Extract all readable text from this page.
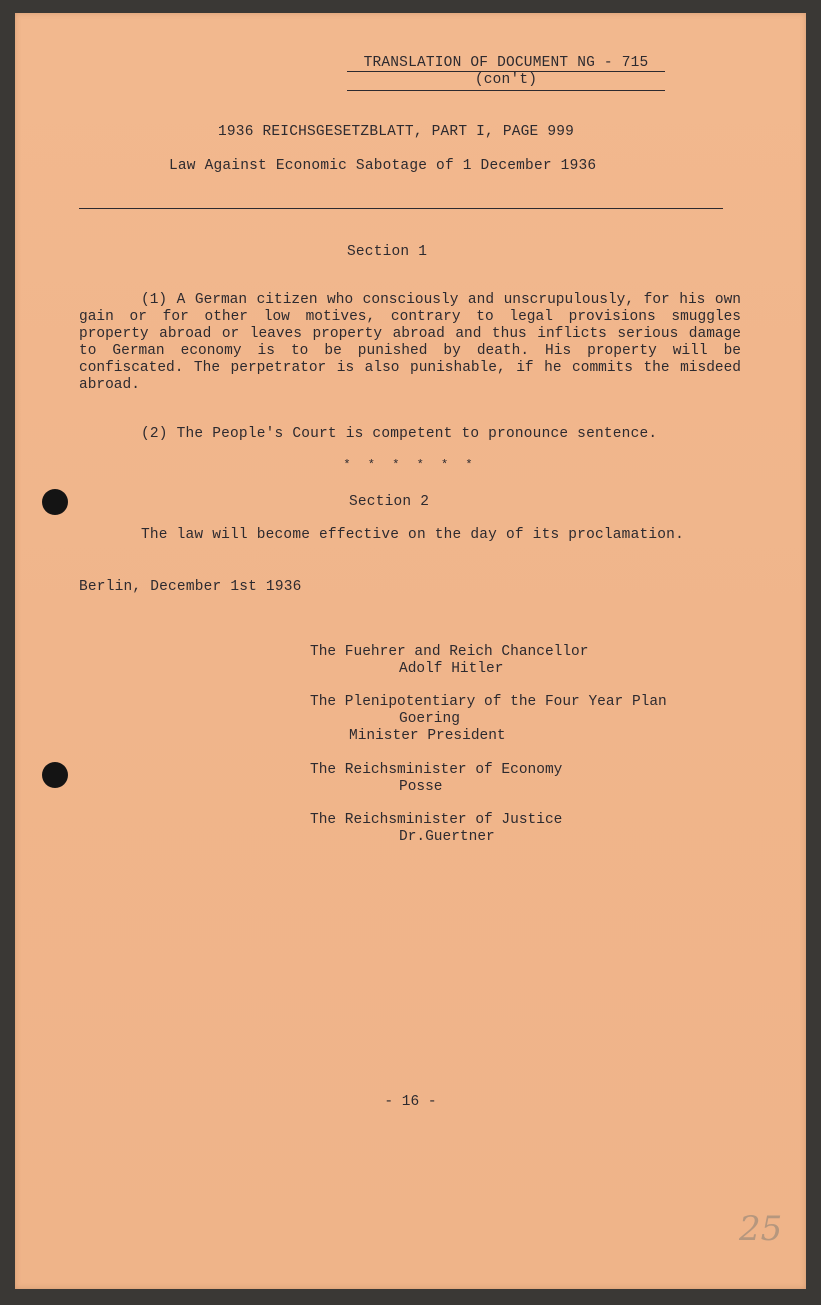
TRANSLATION OF DOCUMENT NG - 715
(con't)
1936 REICHSGESETZBLATT, PART I, PAGE 999
Law Against Economic Sabotage of 1 December 1936
Section 1
(1) A German citizen who consciously and unscrupulously, for his own gain or for other low motives, contrary to legal provisions smuggles property abroad or leaves property abroad and thus inflicts serious damage to German economy is to be punished by death. His property will be confiscated. The perpetrator is also punishable, if he commits the misdeed abroad.
(2) The People's Court is competent to pronounce sentence.
* * * * * *
Section 2
The law will become effective on the day of its proclamation.
Berlin, December 1st 1936
The Fuehrer and Reich Chancellor
Adolf Hitler
The Plenipotentiary of the Four Year Plan
Goering
Minister President
The Reichsminister of Economy
Posse
The Reichsminister of Justice
Dr.Guertner
- 16 -
25
